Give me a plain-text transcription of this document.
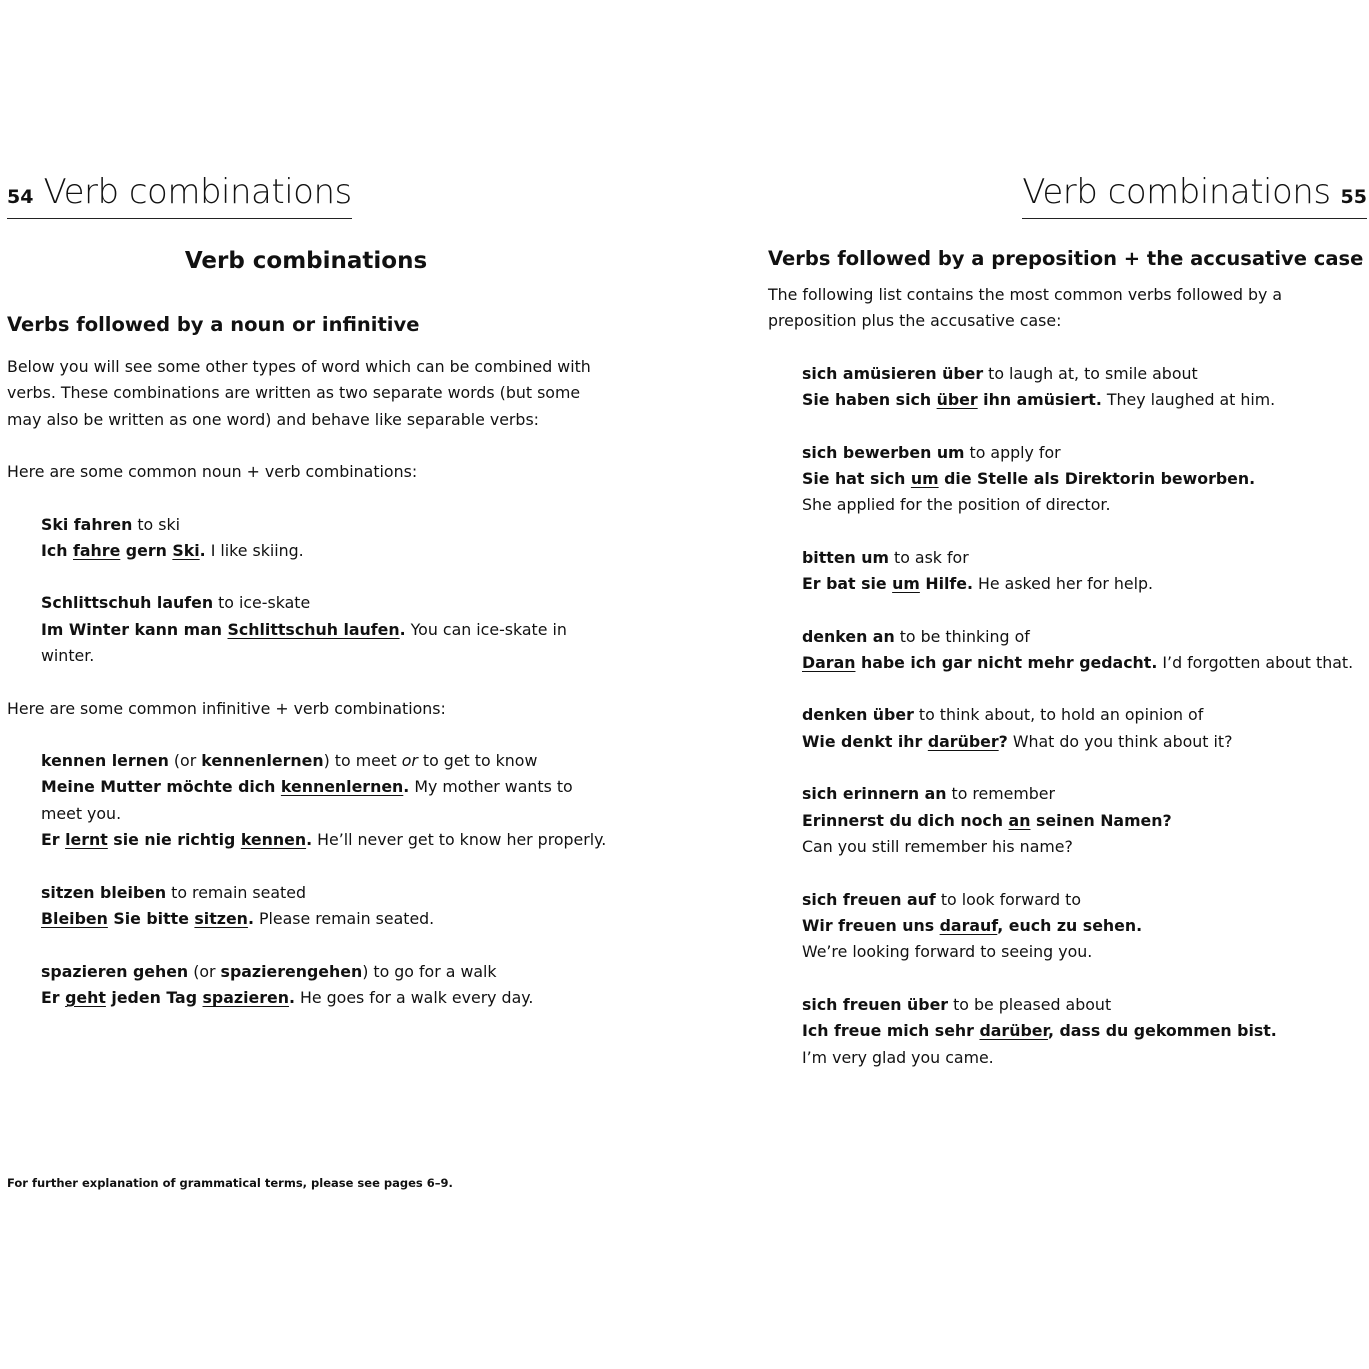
54 Verb combinations
Verb combinations
Verbs followed by a noun or infinitive

Below you will see some other types of word which can be combined with verbs. These combinations are written as two separate words (but some may also be written as one word) and behave like separable verbs:

Here are some common noun + verb combinations:

Ski fahren to ski

Ich fahre gern Ski. I like skiing.

Schlittschuh laufen to ice-skate

Im Winter kann man Schlittschuh laufen. You can ice-skate in winter.

Here are some common infinitive + verb combinations:

kennen lernen (or kennenlernen) to meet or to get to know

Meine Mutter möchte dich kennenlernen. My mother wants to meet you.

Er lernt sie nie richtig kennen. He’ll never get to know her properly.

sitzen bleiben to remain seated

Bleiben Sie bitte sitzen. Please remain seated.

spazieren gehen (or spazierengehen) to go for a walk

Er geht jeden Tag spazieren. He goes for a walk every day.

For further explanation of grammatical terms, please see pages 6–9.
Verb combinations 55
Verbs followed by a preposition + the accusative case

The following list contains the most common verbs followed by a preposition plus the accusative case:

sich amüsieren über to laugh at, to smile about

Sie haben sich über ihn amüsiert. They laughed at him.

sich bewerben um to apply for

Sie hat sich um die Stelle als Direktorin beworben.

She applied for the position of director.

bitten um to ask for

Er bat sie um Hilfe. He asked her for help.

denken an to be thinking of

Daran habe ich gar nicht mehr gedacht. I’d forgotten about that.

denken über to think about, to hold an opinion of

Wie denkt ihr darüber? What do you think about it?

sich erinnern an to remember

Erinnerst du dich noch an seinen Namen?

Can you still remember his name?

sich freuen auf to look forward to

Wir freuen uns darauf, euch zu sehen.

We’re looking forward to seeing you.

sich freuen über to be pleased about

Ich freue mich sehr darüber, dass du gekommen bist.

I’m very glad you came.
